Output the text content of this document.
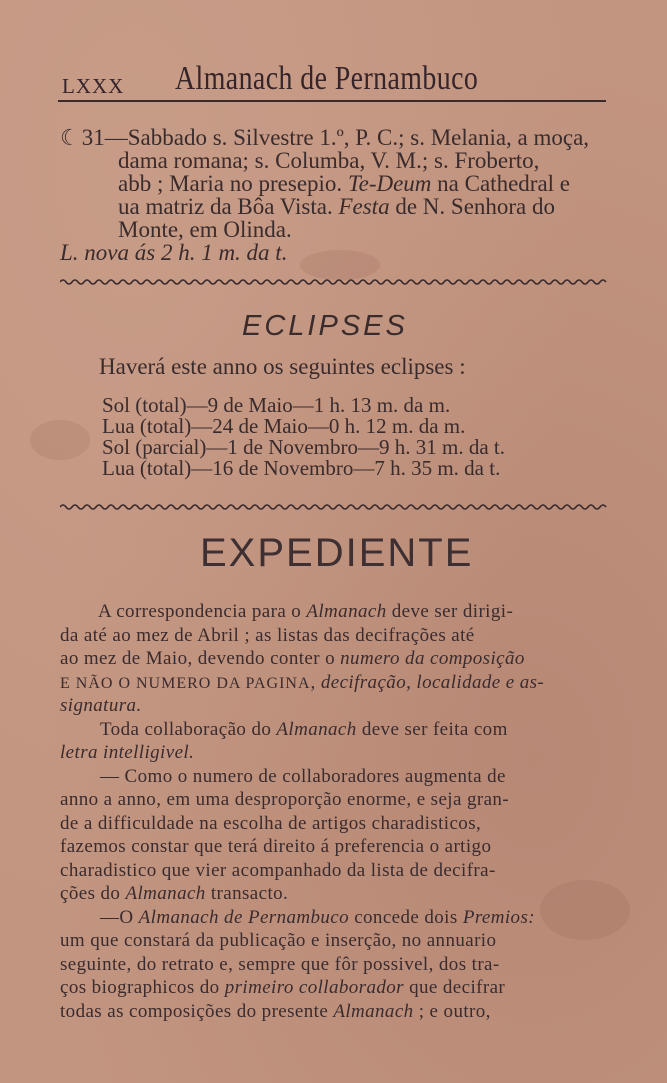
LXXX Almanach de Pernambuco
☾31—Sabbado s. Silvestre 1.º, P. C.; s. Melania, a moça,
dama romana; s. Columba, V. M.; s. Froberto,
abb ; Maria no presepio. Te-Deum na Cathedral e
ua matriz da Bôa Vista. Festa de N. Senhora do
Monte, em Olinda.
L. nova ás 2 h. 1 m. da t.
ECLIPSES
Haverá este anno os seguintes eclipses :
Sol (total)—9 de Maio—1 h. 13 m. da m.
Lua (total)—24 de Maio—0 h. 12 m. da m.
Sol (parcial)—1 de Novembro—9 h. 31 m. da t.
Lua (total)—16 de Novembro—7 h. 35 m. da t.
EXPEDIENTE
A correspondencia para o Almanach deve ser dirigi-
da até ao mez de Abril ; as listas das decifrações até
ao mez de Maio, devendo conter o numero da composição
E NÃO O NUMERO DA PAGINA, decifração, localidade e as-
signatura.
Toda collaboração do Almanach deve ser feita com
letra intelligivel.
— Como o numero de collaboradores augmenta de
anno a anno, em uma desproporção enorme, e seja gran-
de a difficuldade na escolha de artigos charadisticos,
fazemos constar que terá direito á preferencia o artigo
charadistico que vier acompanhado da lista de decifra-
ções do Almanach transacto.
—O Almanach de Pernambuco concede dois Premios:
um que constará da publicação e inserção, no annuario
seguinte, do retrato e, sempre que fôr possivel, dos tra-
ços biographicos do primeiro collaborador que decifrar
todas as composições do presente Almanach ; e outro,
